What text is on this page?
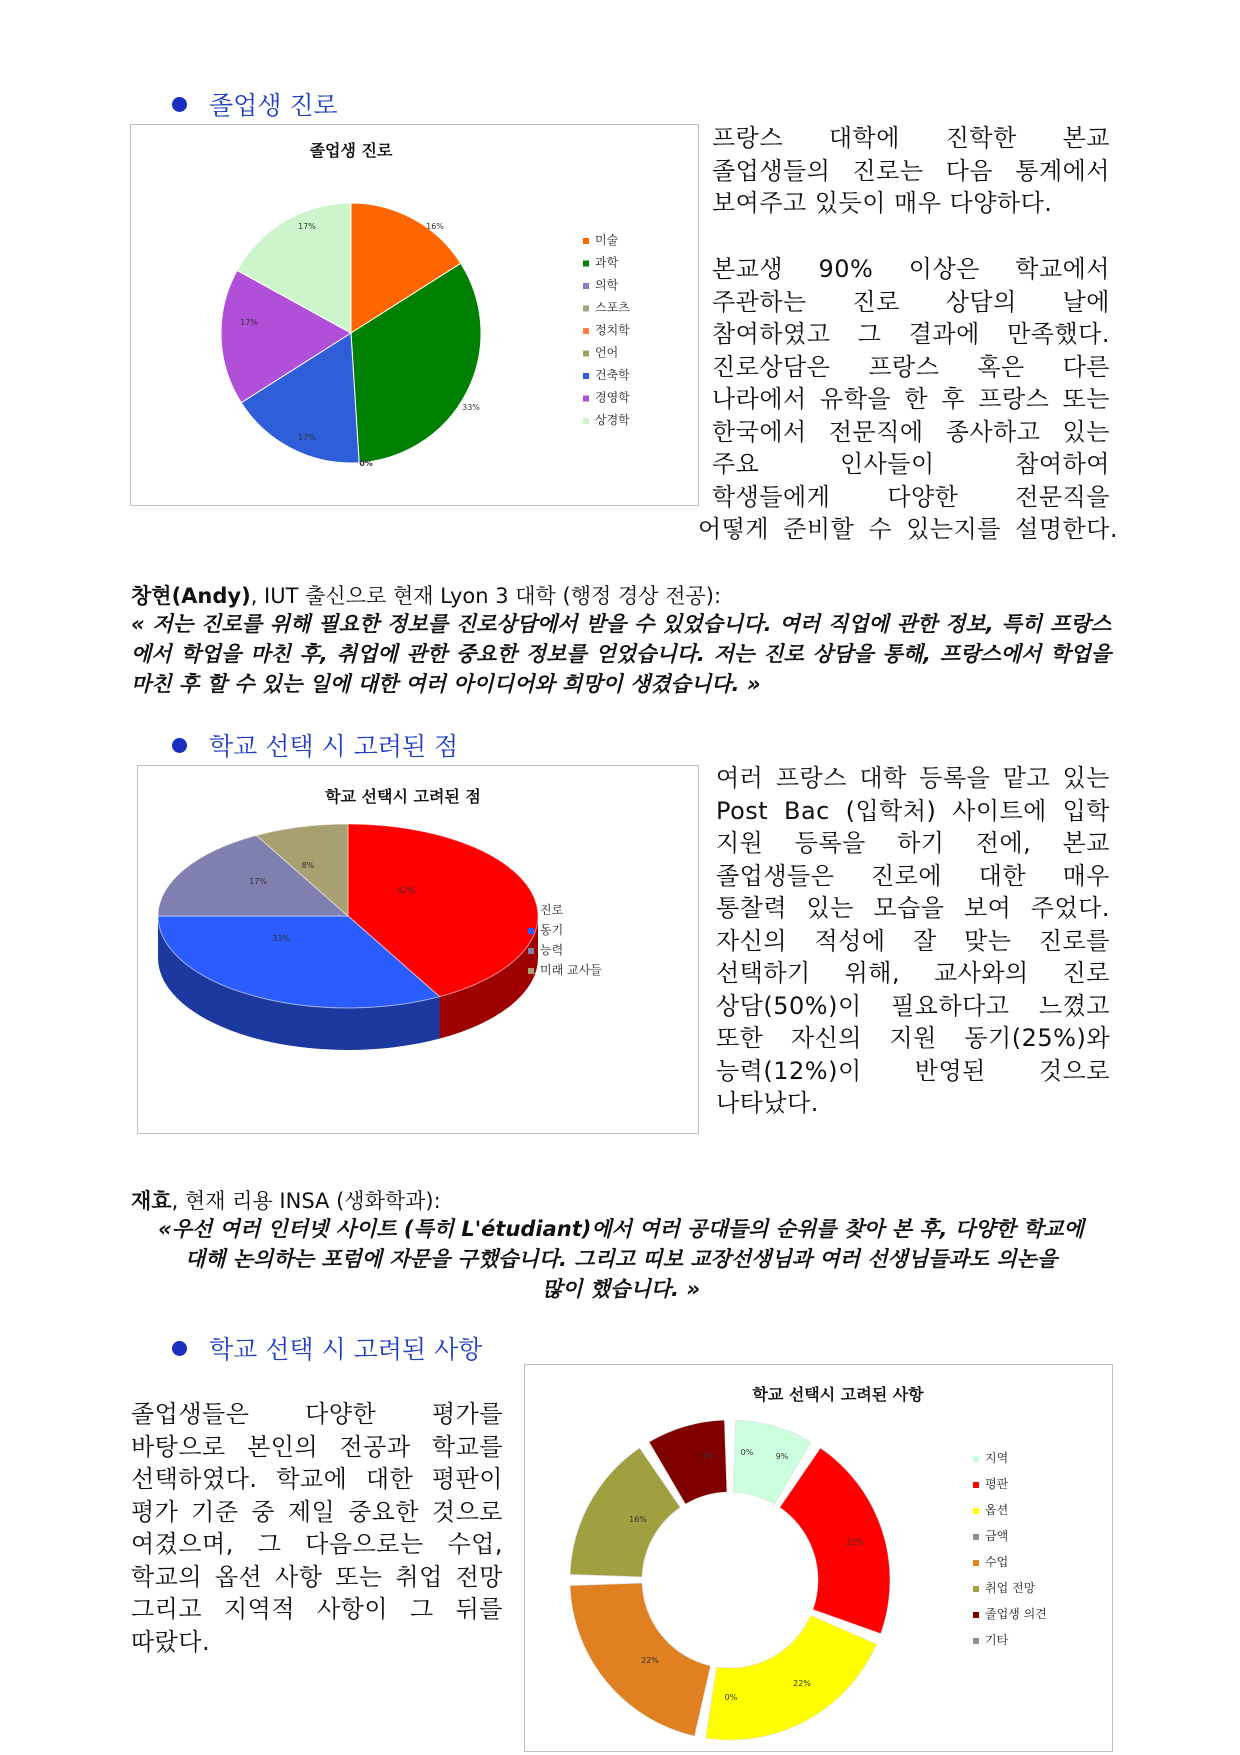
졸업생 진로
졸업생 진로
16%
33%
0%
17%
17%
17%
미술
과학
의학
스포츠
정치학
언어
건축학
경영학
상경학
프랑스 대학에 진학한 본교
졸업생들의 진로는 다음 통계에서
보여주고 있듯이 매우 다양하다.
본교생 90% 이상은 학교에서
주관하는 진로 상담의 날에
참여하였고 그 결과에 만족했다.
진로상담은 프랑스 혹은 다른
나라에서 유학을 한 후 프랑스 또는
한국에서 전문직에 종사하고 있는
주요 인사들이 참여하여
학생들에게 다양한 전문직을
어떻게 준비할 수 있는지를 설명한다.
창현(Andy), IUT 출신으로 현재 Lyon 3 대학 (행정 경상 전공):
« 저는 진로를 위해 필요한 정보를 진로상담에서 받을 수 있었습니다. 여러 직업에 관한 정보, 특히 프랑스에서 학업을 마친 후, 취업에 관한 중요한 정보를 얻었습니다. 저는 진로 상담을 통해, 프랑스에서 학업을 마친 후 할 수 있는 일에 대한 여러 아이디어와 희망이 생겼습니다. »
학교 선택 시 고려된 점
학교 선택시 고려된 점
42%
33%
17%
8%
진로
동기
능력
미래 교사들
여러 프랑스 대학 등록을 맡고 있는
Post Bac (입학처) 사이트에 입학
지원 등록을 하기 전에, 본교
졸업생들은 진로에 대한 매우
통찰력 있는 모습을 보여 주었다.
자신의 적성에 잘 맞는 진로를
선택하기 위해, 교사와의 진로
상담(50%)이 필요하다고 느꼈고
또한 자신의 지원 동기(25%)와
능력(12%)이 반영된 것으로
나타났다.
재효, 현재 리용 INSA (생화학과):
«우선 여러 인터넷 사이트 (특히 L'étudiant)에서 여러 공대들의 순위를 찾아 본 후, 다양한 학교에
대해 논의하는 포럼에 자문을 구했습니다. 그리고 띠보 교장선생님과 여러 선생님들과도 의논을
많이 했습니다. »
학교 선택 시 고려된 사항
졸업생들은 다양한 평가를
바탕으로 본인의 전공과 학교를
선택하였다. 학교에 대한 평판이
평가 기준 중 제일 중요한 것으로
여겼으며, 그 다음으로는 수업,
학교의 옵션 사항 또는 취업 전망
그리고 지역적 사항이 그 뒤를
따랐다.
학교 선택시 고려된 사항
9%
22%
22%
0%
22%
16%
9%	0%	지역
평판
옵션
금액
수업
취업 전망
졸업생 의견
기타
